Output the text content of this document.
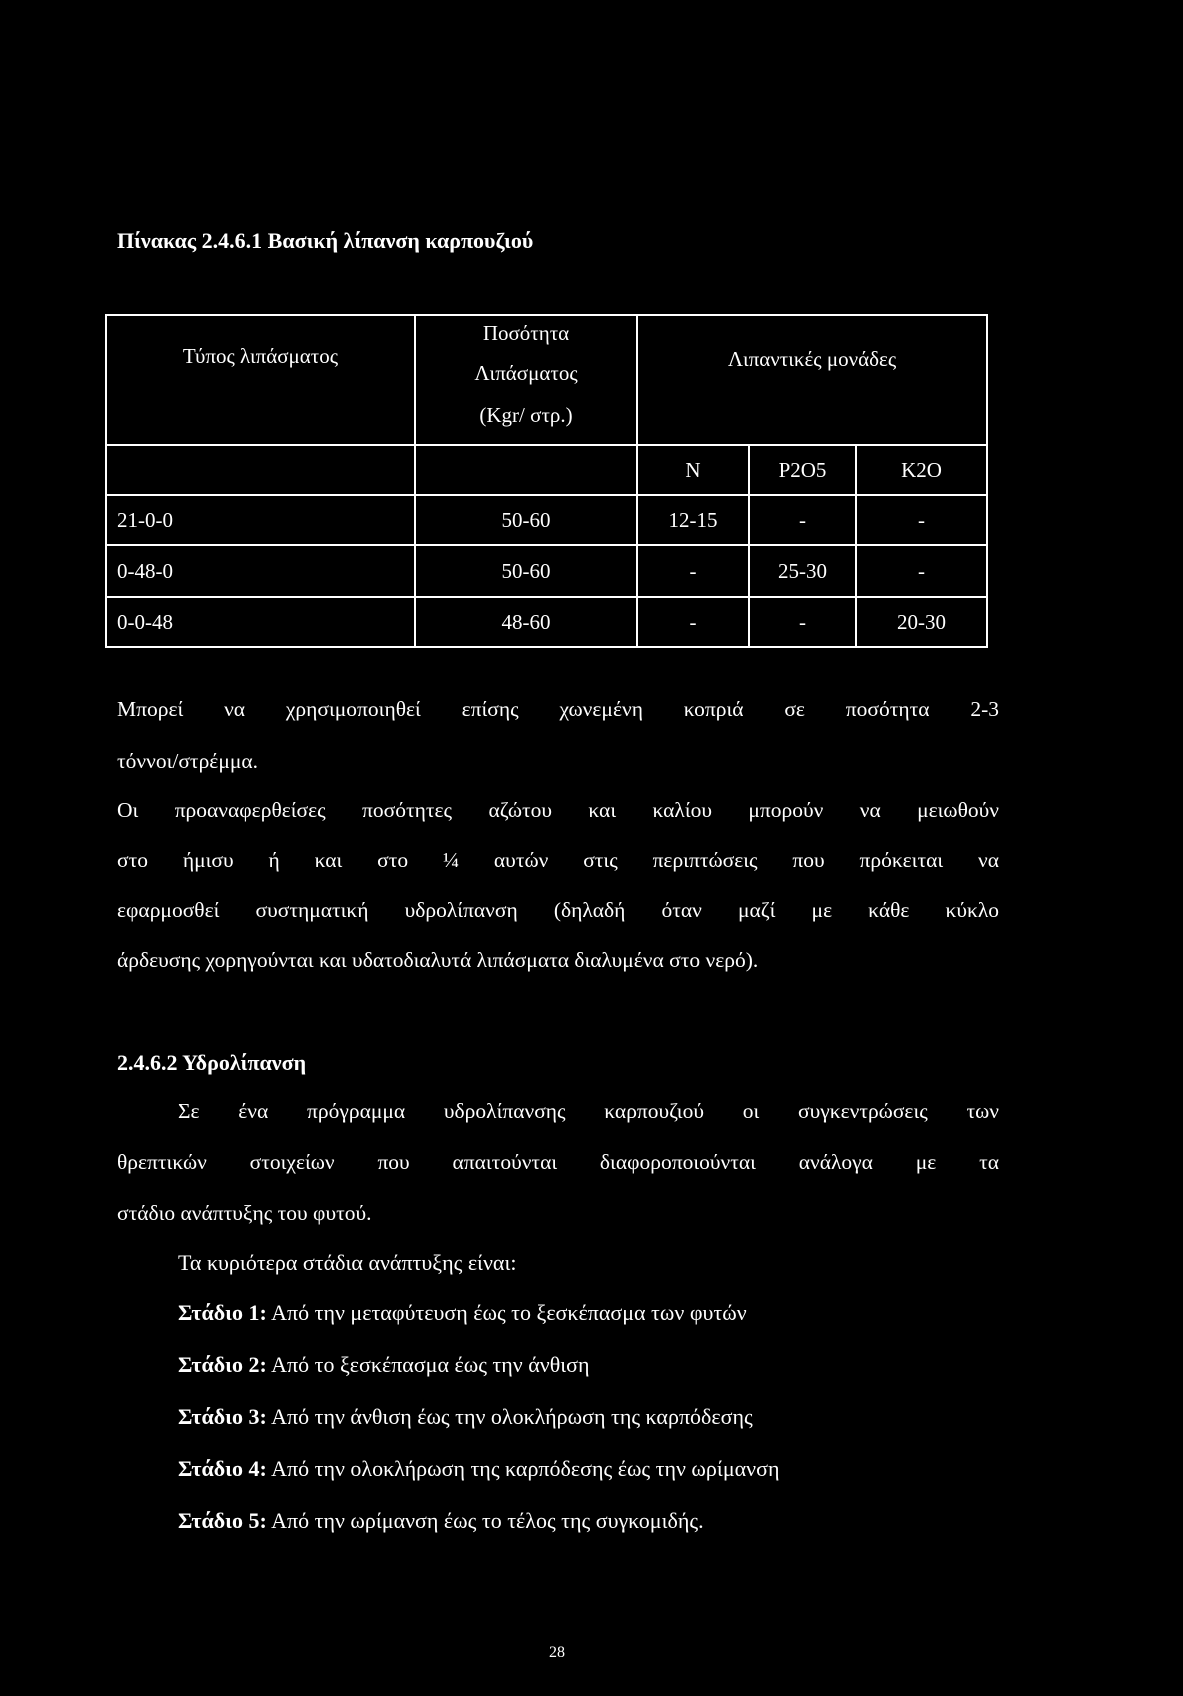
Πίνακας 2.4.6.1 Βασική λίπανση καρπουζιού
Τύπος λιπάσματος
Ποσότητα
Λιπάσματος
(Kgr/ στρ.)
Λιπαντικές μονάδες
N	P2O5	K2O
21-0-0	50-60	12-15	-	-
0-48-0	50-60	-	25-30	-
0-0-48	48-60	-	-	20-30
Μπορεί να χρησιμοποιηθεί επίσης χωνεμένη κοπριά σε ποσότητα 2-3
τόννοι/στρέμμα.
Οι προαναφερθείσες ποσότητες αζώτου και καλίου μπορούν να μειωθούν
στο ήμισυ ή και στο ¼ αυτών στις περιπτώσεις που πρόκειται να
εφαρμοσθεί συστηματική υδρολίπανση (δηλαδή όταν μαζί με κάθε κύκλο
άρδευσης χορηγούνται και υδατοδιαλυτά λιπάσματα διαλυμένα στο νερό).
2.4.6.2 Υδρολίπανση
Σε ένα πρόγραμμα υδρολίπανσης καρπουζιού οι συγκεντρώσεις των
θρεπτικών στοιχείων που απαιτούνται διαφοροποιούνται ανάλογα με τα
στάδιο ανάπτυξης του φυτού.
Τα κυριότερα στάδια ανάπτυξης είναι:
Στάδιο 1: Από την μεταφύτευση έως το ξεσκέπασμα των φυτών
Στάδιο 2: Από το ξεσκέπασμα έως την άνθιση
Στάδιο 3: Από την άνθιση έως την ολοκλήρωση της καρπόδεσης
Στάδιο 4: Από την ολοκλήρωση της καρπόδεσης έως την ωρίμανση
Στάδιο 5: Από την ωρίμανση έως το τέλος της συγκομιδής.
28
